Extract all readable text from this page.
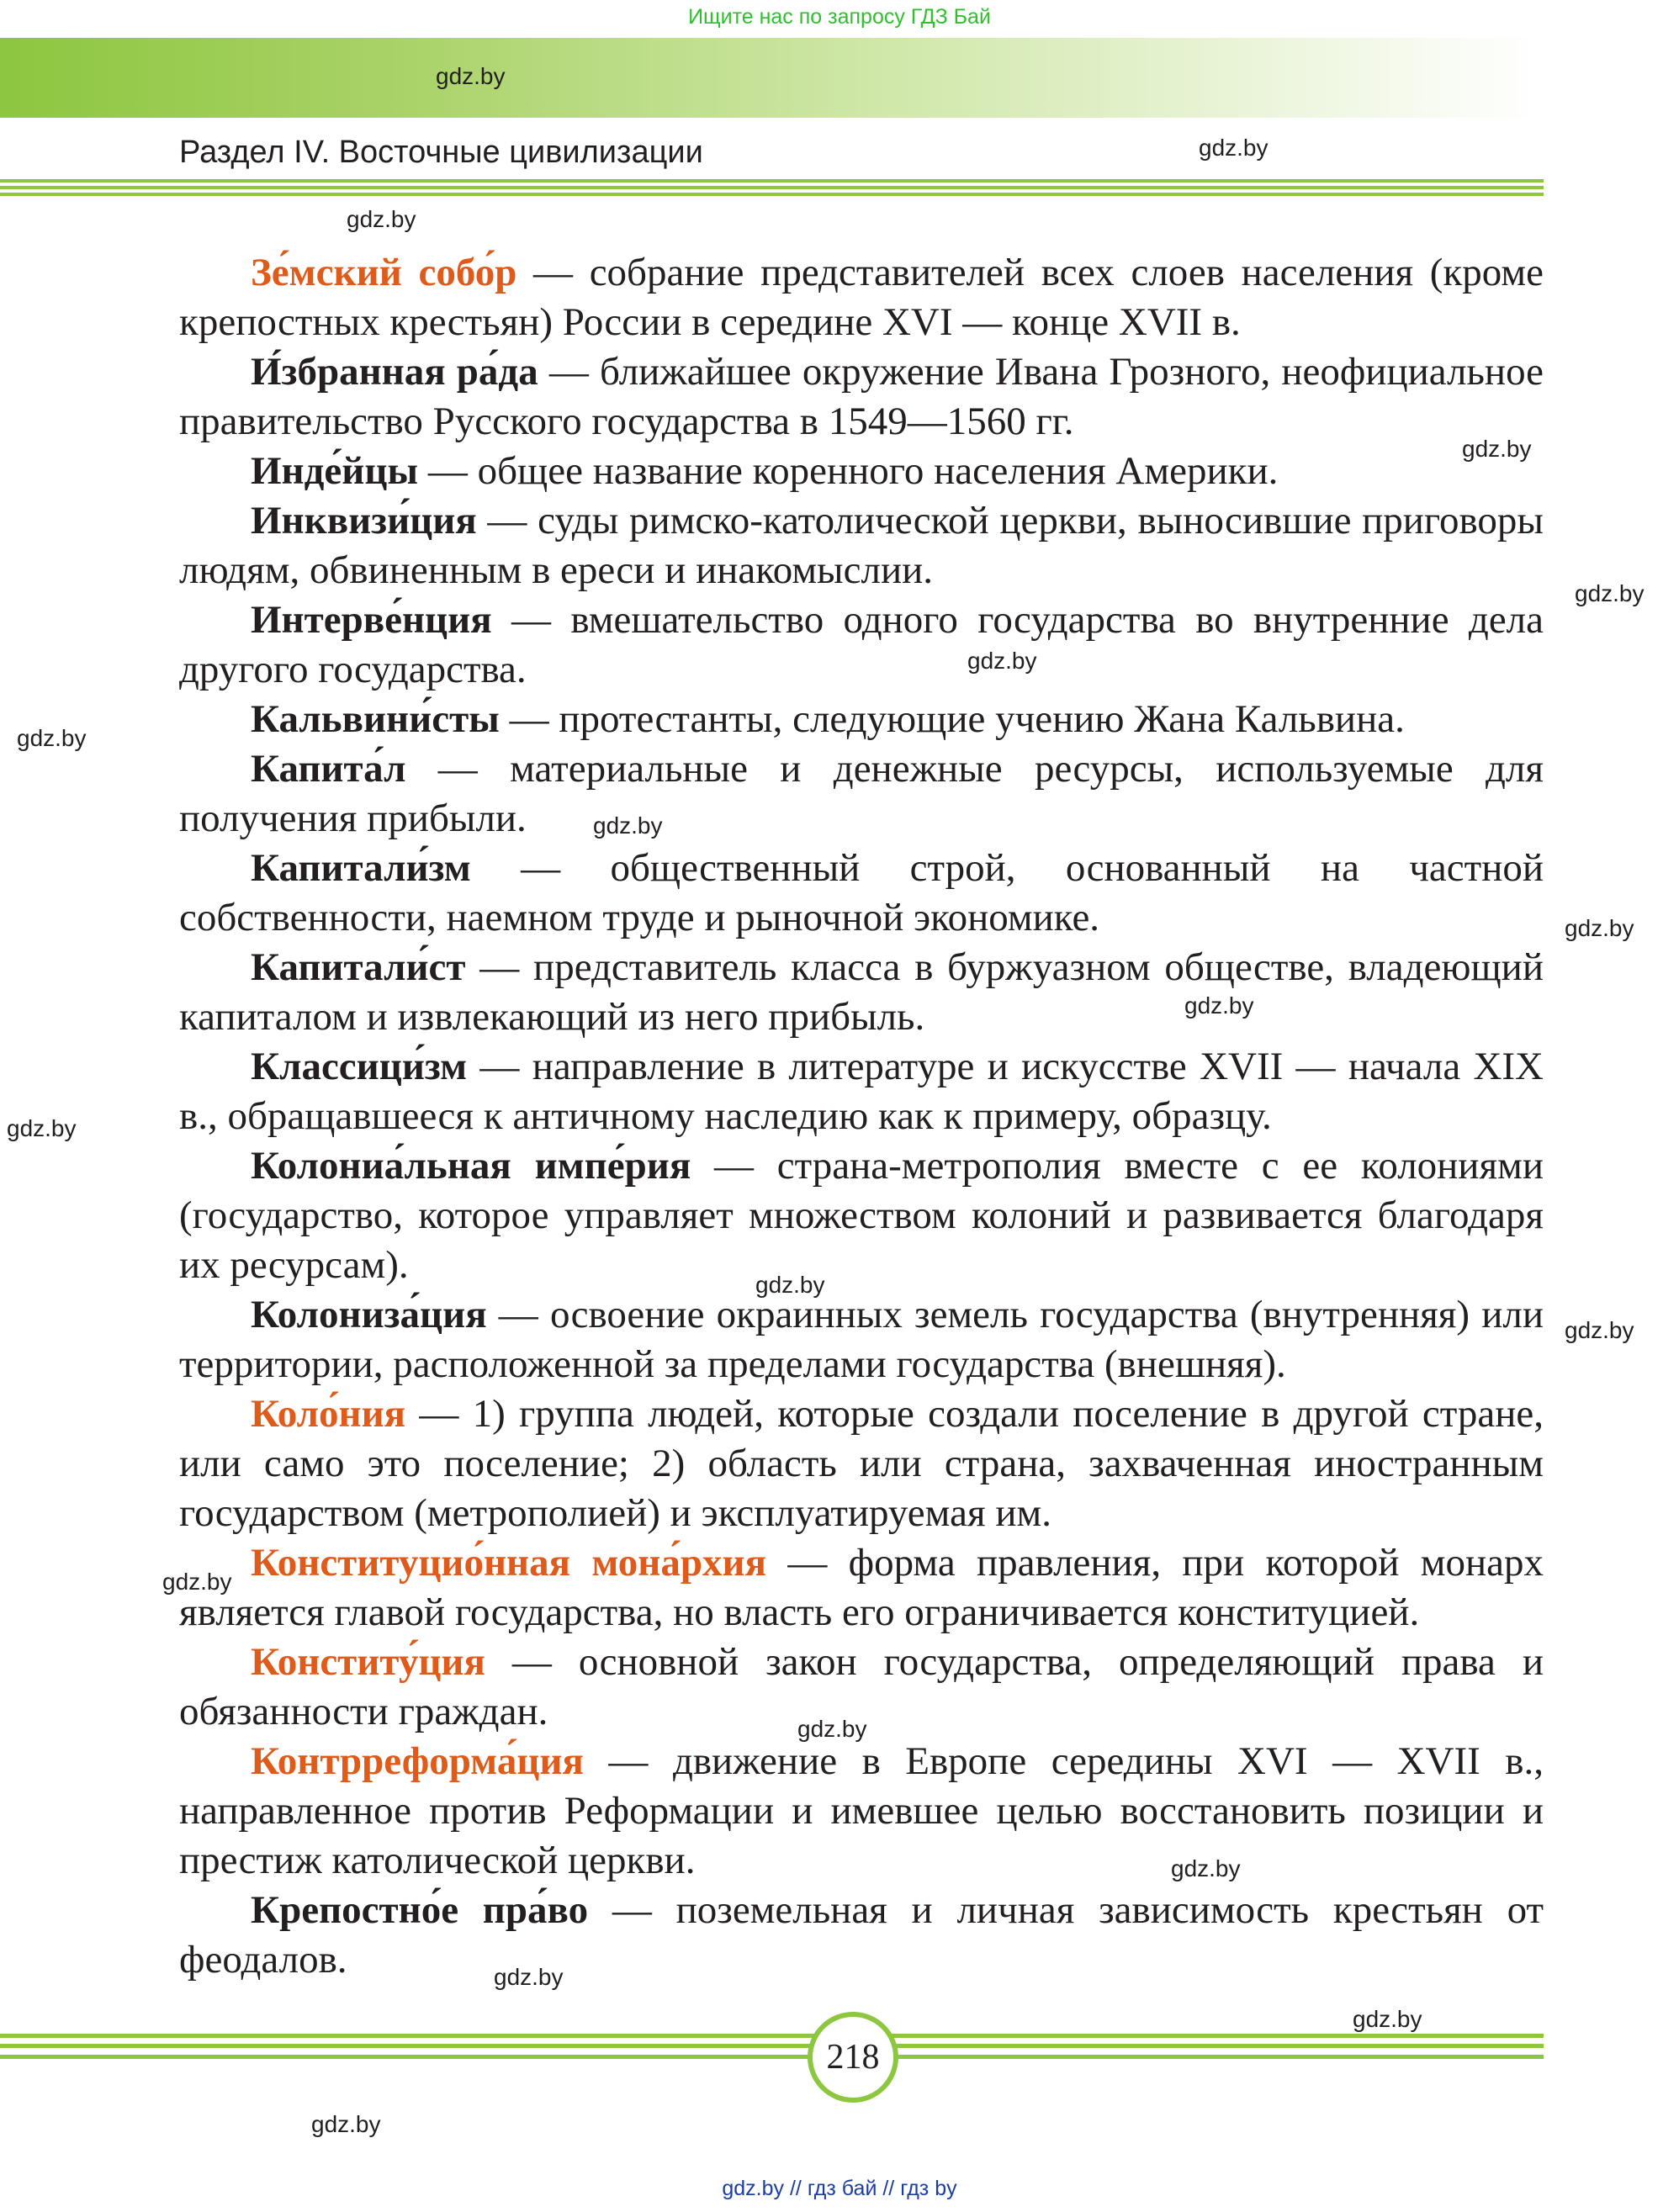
Ищите нас по запросу ГДЗ Бай
gdz.by
Раздел IV. Восточные цивилизации	gdz.by
gdz.by

Зе́мский собо́р — собрание представителей всех слоев населения (кроме крепостных крестьян) России в середине XVI — конце XVII в.

И́збранная ра́да — ближайшее окружение Ивана Грозного, неофициальное правительство Русского государства в 1549—1560 гг.

Инде́йцы — общее название коренного населения Америки.

Инквизи́ция — суды римско-католической церкви, выносившие приговоры людям, обвиненным в ереси и инакомыслии.

Интерве́нция — вмешательство одного государства во внутренние дела другого государства.

Кальвини́сты — протестанты, следующие учению Жана Кальвина.

Капита́л — материальные и денежные ресурсы, используемые для получения прибыли.

Капитали́зм — общественный строй, основанный на частной собственности, наемном труде и рыночной экономике.

Капитали́ст — представитель класса в буржуазном обществе, владеющий капиталом и извлекающий из него прибыль.

Классици́зм — направление в литературе и искусстве XVII — начала XIX в., обращавшееся к античному наследию как к примеру, образцу.

Колониа́льная импе́рия — страна-метрополия вместе с ее колониями (государство, которое управляет множеством колоний и развивается благодаря их ресурсам).

Колониза́ция — освоение окраинных земель государства (внутренняя) или территории, расположенной за пределами государства (внешняя).

Коло́ния — 1) группа людей, которые создали поселение в другой стране, или само это поселение; 2) область или страна, захваченная иностранным государством (метрополией) и эксплуатируемая им.

Конституцио́нная мона́рхия — форма правления, при которой монарх является главой государства, но власть его ограничивается конституцией.

Конститу́ция — основной закон государства, определяющий права и обязанности граждан.

Контрреформа́ция — движение в Европе середины XVI — XVII в., направленное против Реформации и имевшее целью восстановить позиции и престиж католической церкви.

Крепостно́е пра́во — поземельная и личная зависимость крестьян от феодалов.

gdz.by
gdz.by
gdz.by
gdz.by
gdz.by
gdz.by
gdz.by
gdz.by
gdz.by
gdz.by
gdz.by
gdz.by
gdz.by
gdz.by
gdz.by
218
gdz.by
gdz.by // гдз бай // гдз by
